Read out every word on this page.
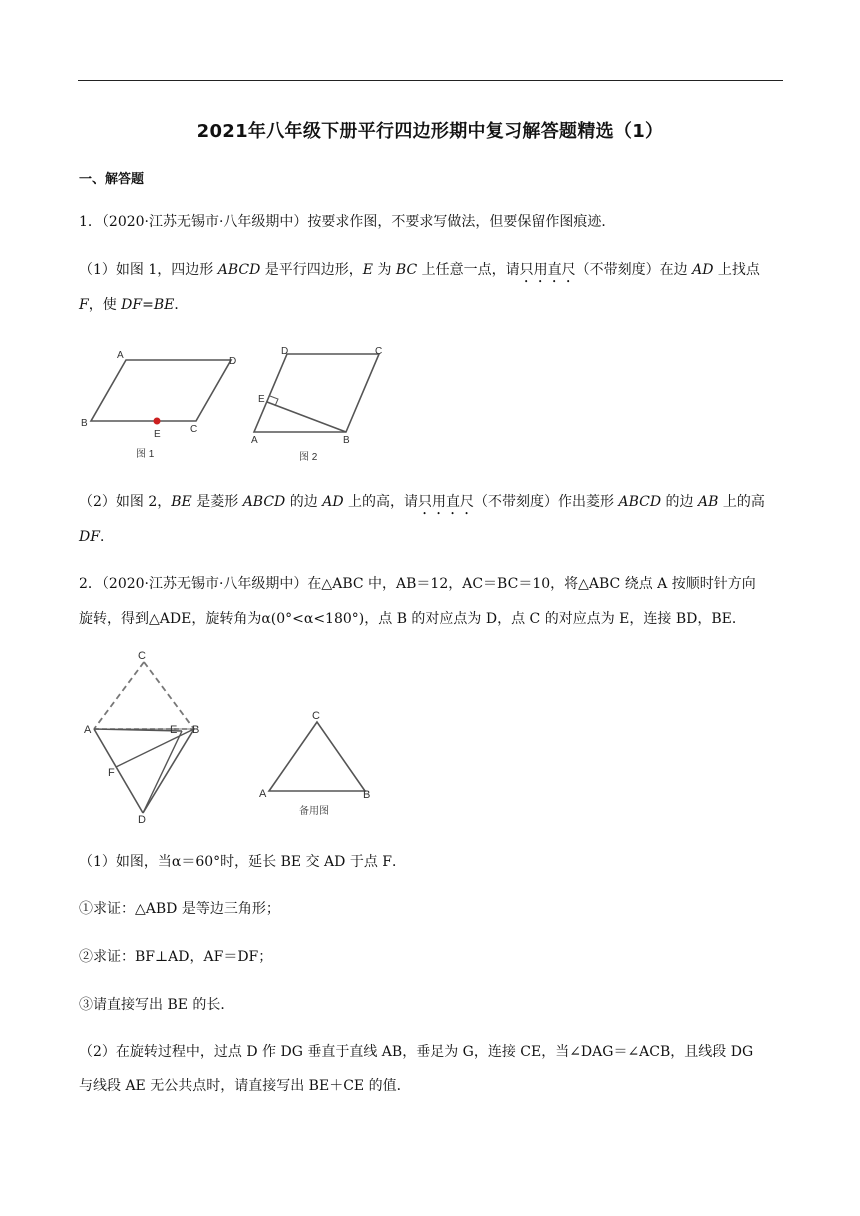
2021年八年级下册平行四边形期中复习解答题精选（1）
一、解答题
1．（2020·江苏无锡市·八年级期中）按要求作图，不要求写做法，但要保留作图痕迹．
（1）如图 1，四边形 ABCD 是平行四边形，E 为 BC 上任意一点，请只用直尺（不带刻度）在边 AD 上找点
F，使 DF=BE．
A
D
B
E	C
图 1
D	C
E
A	B
图 2
（2）如图 2，BE 是菱形 ABCD 的边 AD 上的高，请只用直尺（不带刻度）作出菱形 ABCD 的边 AB 上的高
DF．
2．（2020·江苏无锡市·八年级期中）在△ABC 中，AB＝12，AC＝BC＝10，将△ABC 绕点 A 按顺时针方向
旋转，得到△ADE，旋转角为α(0°<α<180°)，点 B 的对应点为 D，点 C 的对应点为 E，连接 BD，BE．
C
A	E B
F
D
C
A	B
备用图
（1）如图，当α＝60°时，延长 BE 交 AD 于点 F．
①求证：△ABD 是等边三角形；
②求证：BF⊥AD，AF＝DF；
③请直接写出 BE 的长．
（2）在旋转过程中，过点 D 作 DG 垂直于直线 AB，垂足为 G，连接 CE，当∠DAG＝∠ACB，且线段 DG
与线段 AE 无公共点时，请直接写出 BE＋CE 的值．
